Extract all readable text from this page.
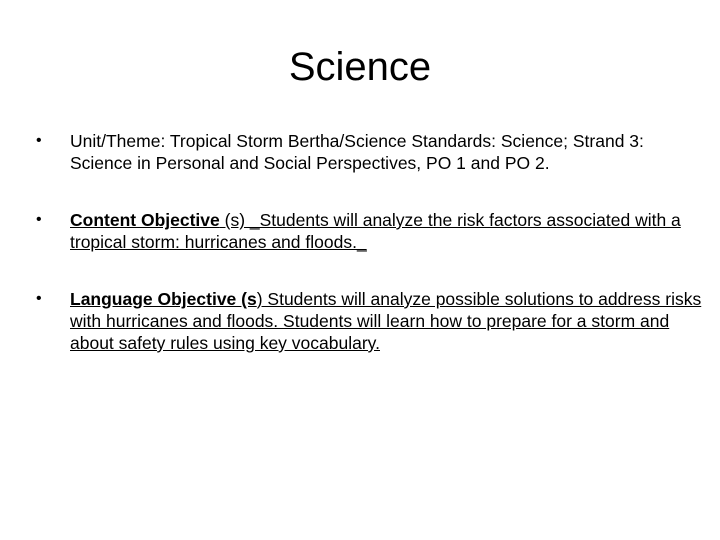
Science
•	Unit/Theme: Tropical Storm Bertha/Science Standards: Science; Strand 3: Science in Personal and Social Perspectives, PO 1 and PO 2.
•	Content Objective (s) _Students will analyze the risk factors associated with a tropical storm: hurricanes and floods._
•	Language Objective (s) Students will analyze possible solutions to address risks with hurricanes and floods. Students will learn how to prepare for a storm and about safety rules using key vocabulary.
